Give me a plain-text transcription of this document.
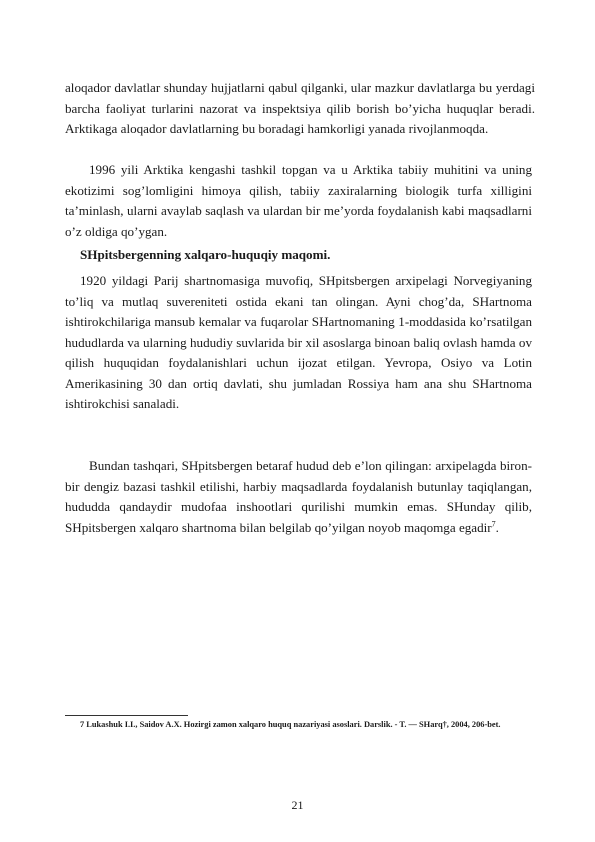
aloqador davlatlar shunday hujjatlarni qabul qilganki, ular mazkur davlatlarga bu yerdagi barcha faoliyat turlarini nazorat va inspektsiya qilib borish bo’yicha huquqlar beradi. Arktikaga aloqador davlatlarning bu boradagi hamkorligi yanada rivojlanmoqda.

1996 yili Arktika kengashi tashkil topgan va u Arktika tabiiy muhitini va uning ekotizimi sog’lomligini himoya qilish, tabiiy zaxiralarning biologik turfa xilligini ta’minlash, ularni avaylab saqlash va ulardan bir me’yorda foydalanish kabi maqsadlarni o’z oldiga qo’ygan.

SHpitsbergenning xalqaro-huquqiy maqomi.

1920 yildagi Parij shartnomasiga muvofiq, SHpitsbergen arxipelagi Norvegiyaning to’liq va mutlaq suvereniteti ostida ekani tan olingan. Ayni chog’da, SHartnoma ishtirokchilariga mansub kemalar va fuqarolar SHartnomaning 1-moddasida ko’rsatilgan hududlarda va ularning hududiy suvlarida bir xil asoslarga binoan baliq ovlash hamda ov qilish huquqidan foydalanishlari uchun ijozat etilgan. Yevropa, Osiyo va Lotin Amerikasining 30 dan ortiq davlati, shu jumladan Rossiya ham ana shu SHartnoma ishtirokchisi sanaladi.

Bundan tashqari, SHpitsbergen betaraf hudud deb e’lon qilingan: arxipelagda biron-bir dengiz bazasi tashkil etilishi, harbiy maqsadlarda foydalanish butunlay taqiqlangan, hududda qandaydir mudofaa inshootlari qurilishi mumkin emas. SHunday qilib, SHpitsbergen xalqaro shartnoma bilan belgilab qo’yilgan noyob maqomga egadir$^7$.

7 Lukashuk I.I., Saidov A.X. Hozirgi zamon xalqaro huquq nazariyasi asoslari. Darslik. - T. — SHarq†, 2004, 206-bet.

21
